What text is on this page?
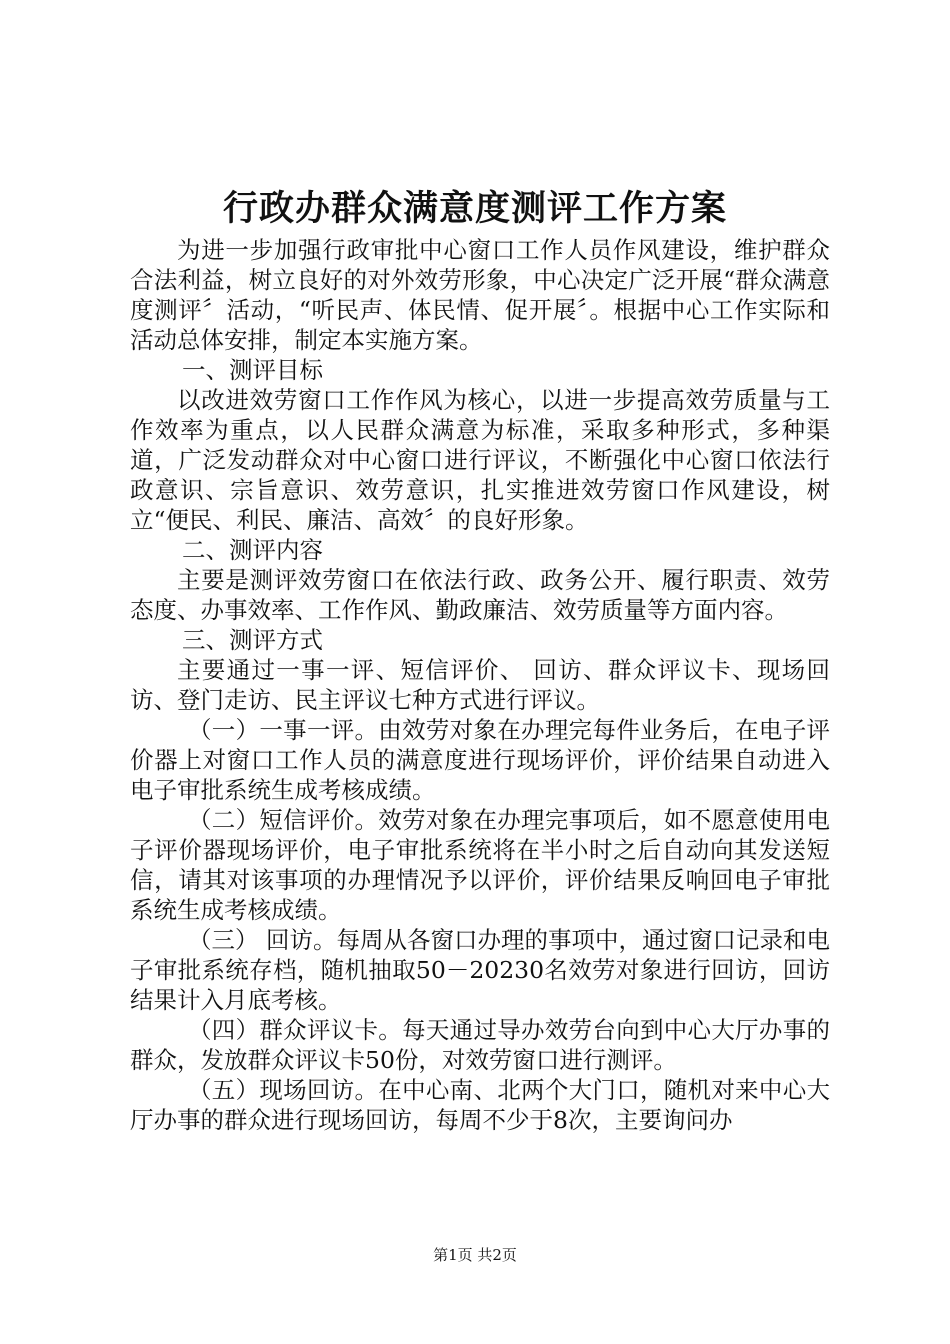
行政办群众满意度测评工作方案

为进一步加强行政审批中心窗口工作人员作风建设，维护群众合法利益，树立良好的对外效劳形象，中心决定广泛开展“群众满意度测评〞活动，“听民声、体民情、促开展〞。根据中心工作实际和活动总体安排，制定本实施方案。

一、测评目标

以改进效劳窗口工作作风为核心，以进一步提高效劳质量与工作效率为重点，以人民群众满意为标准，采取多种形式，多种渠道，广泛发动群众对中心窗口进行评议，不断强化中心窗口依法行政意识、宗旨意识、效劳意识，扎实推进效劳窗口作风建设，树立“便民、利民、廉洁、高效〞的良好形象。

二、测评内容

主要是测评效劳窗口在依法行政、政务公开、履行职责、效劳态度、办事效率、工作作风、勤政廉洁、效劳质量等方面内容。

三、测评方式

主要通过一事一评、短信评价、 回访、群众评议卡、现场回访、登门走访、民主评议七种方式进行评议。

（一）一事一评。由效劳对象在办理完每件业务后，在电子评价器上对窗口工作人员的满意度进行现场评价，评价结果自动进入电子审批系统生成考核成绩。

（二）短信评价。效劳对象在办理完事项后，如不愿意使用电子评价器现场评价，电子审批系统将在半小时之后自动向其发送短信，请其对该事项的办理情况予以评价，评价结果反响回电子审批系统生成考核成绩。

（三） 回访。每周从各窗口办理的事项中，通过窗口记录和电子审批系统存档，随机抽取50－20230名效劳对象进行回访，回访结果计入月底考核。

（四）群众评议卡。每天通过导办效劳台向到中心大厅办事的群众，发放群众评议卡50份，对效劳窗口进行测评。

（五）现场回访。在中心南、北两个大门口，随机对来中心大厅办事的群众进行现场回访，每周不少于8次，主要询问办

第1页 共2页
